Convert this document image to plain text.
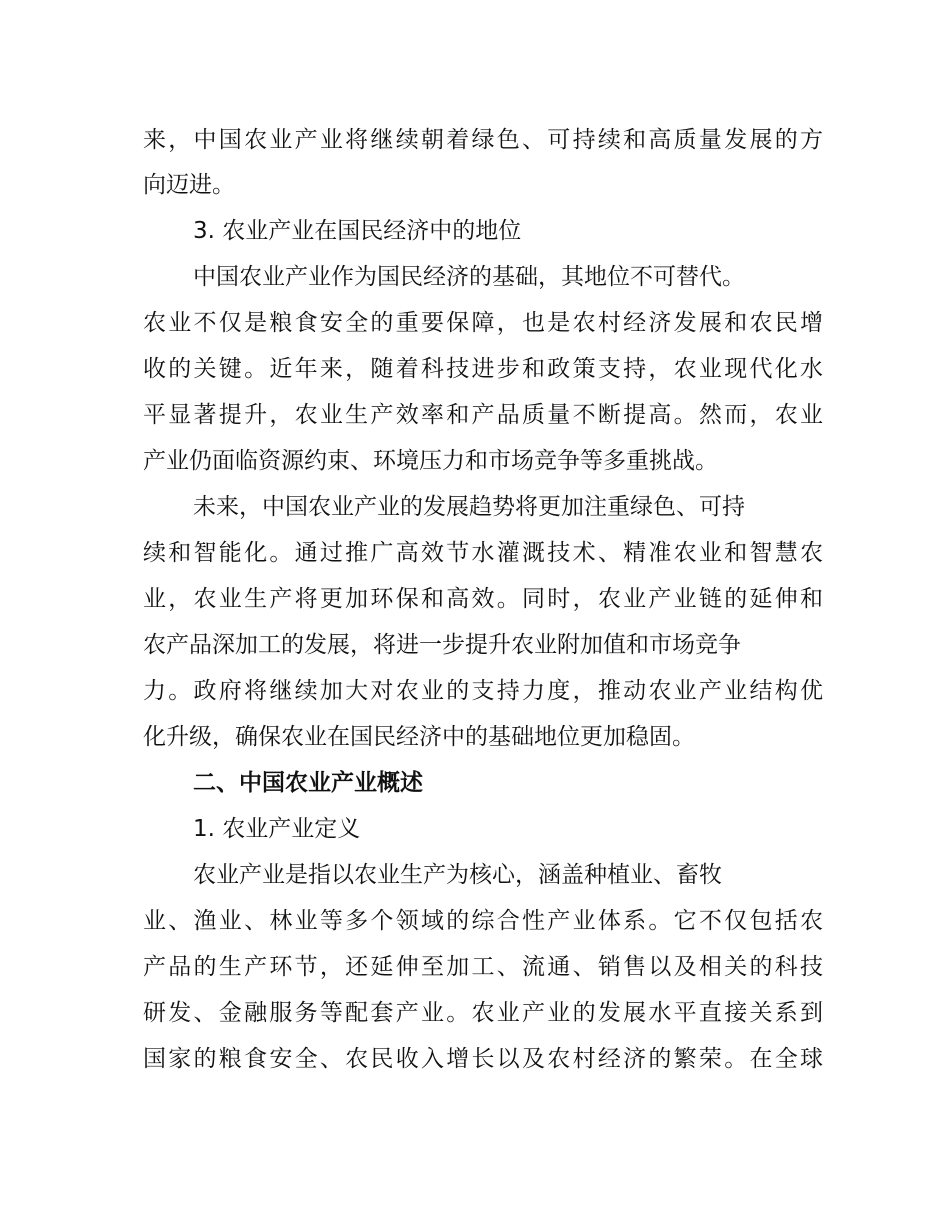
来，中国农业产业将继续朝着绿色、可持续和高质量发展的方
向迈进。
3. 农业产业在国民经济中的地位
中国农业产业作为国民经济的基础，其地位不可替代。
农业不仅是粮食安全的重要保障，也是农村经济发展和农民增
收的关键。近年来，随着科技进步和政策支持，农业现代化水
平显著提升，农业生产效率和产品质量不断提高。然而，农业
产业仍面临资源约束、环境压力和市场竞争等多重挑战。
未来，中国农业产业的发展趋势将更加注重绿色、可持
续和智能化。通过推广高效节水灌溉技术、精准农业和智慧农
业，农业生产将更加环保和高效。同时，农业产业链的延伸和
农产品深加工的发展，将进一步提升农业附加值和市场竞争
力。政府将继续加大对农业的支持力度，推动农业产业结构优
化升级，确保农业在国民经济中的基础地位更加稳固。
二、中国农业产业概述
1. 农业产业定义
农业产业是指以农业生产为核心，涵盖种植业、畜牧
业、渔业、林业等多个领域的综合性产业体系。它不仅包括农
产品的生产环节，还延伸至加工、流通、销售以及相关的科技
研发、金融服务等配套产业。农业产业的发展水平直接关系到
国家的粮食安全、农民收入增长以及农村经济的繁荣。在全球
